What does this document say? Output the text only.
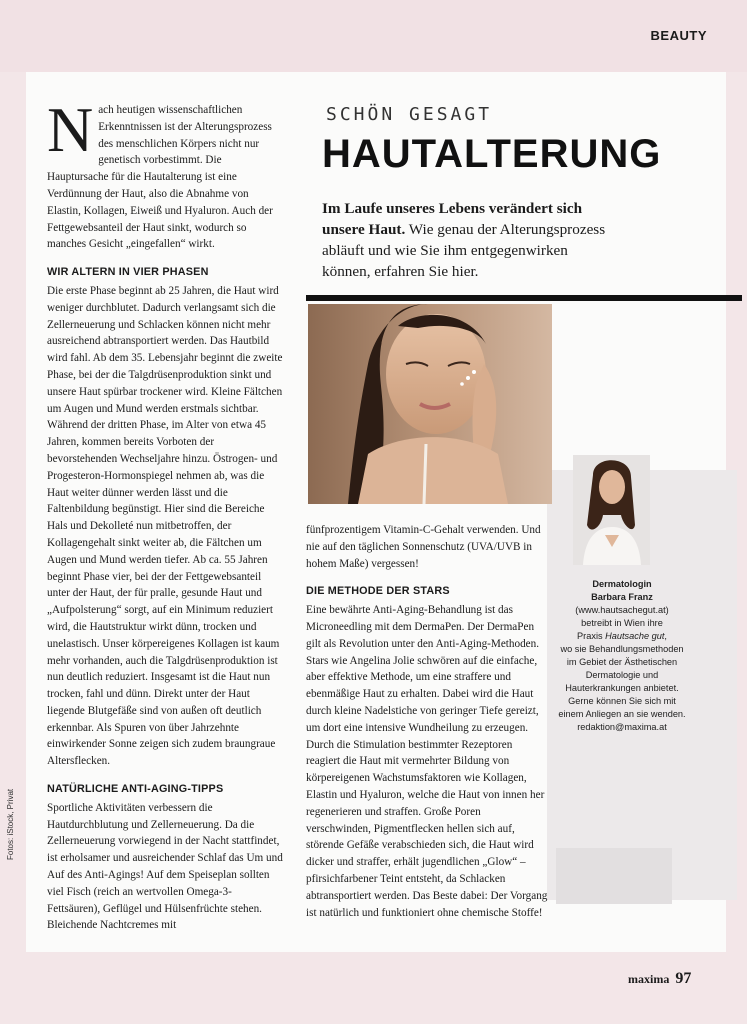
BEAUTY
Fotos: iStock, Privat
SCHÖN GESAGT
HAUTALTERUNG
Im Laufe unseres Lebens verändert sich unsere Haut. Wie genau der Alterungsprozess abläuft und wie Sie ihm entgegenwirken können, erfahren Sie hier.

Nach heutigen wissenschaftlichen Erkenntnissen ist der Alterungsprozess des menschlichen Körpers nicht nur genetisch vorbestimmt. Die Hauptursache für die Hautalterung ist eine Verdünnung der Haut, also die Abnahme von Elastin, Kollagen, Eiweiß und Hyaluron. Auch der Fettgewebsanteil der Haut sinkt, wodurch so manches Gesicht „eingefallen“ wirkt.

WIR ALTERN IN VIER PHASEN

Die erste Phase beginnt ab 25 Jahren, die Haut wird weniger durchblutet. Dadurch verlangsamt sich die Zellerneuerung und Schlacken können nicht mehr ausreichend abtransportiert werden. Das Hautbild wird fahl. Ab dem 35. Lebensjahr beginnt die zweite Phase, bei der die Talgdrüsenproduktion sinkt und unsere Haut spürbar trockener wird. Kleine Fältchen um Augen und Mund werden erstmals sichtbar. Während der dritten Phase, im Alter von etwa 45 Jahren, kommen bereits Vorboten der bevorstehenden Wechseljahre hinzu. Östrogen- und Progesteron-Hormonspiegel nehmen ab, was die Haut weiter dünner werden lässt und die Faltenbildung begünstigt. Hier sind die Bereiche Hals und Dekolleté nun mitbetroffen, der Kollagengehalt sinkt weiter ab, die Fältchen um Augen und Mund werden tiefer. Ab ca. 55 Jahren beginnt Phase vier, bei der der Fettgewebsanteil unter der Haut, der für pralle, gesunde Haut und „Aufpolsterung“ sorgt, auf ein Minimum reduziert wird, die Hautstruktur wirkt dünn, trocken und unelastisch. Unser körpereigenes Kollagen ist kaum mehr vorhanden, auch die Talgdrüsenproduktion ist nun deutlich reduziert. Insgesamt ist die Haut nun trocken, fahl und dünn. Direkt unter der Haut liegende Blutgefäße sind von außen oft deutlich erkennbar. Als Spuren von über Jahrzehnte einwirkender Sonne zeigen sich zudem braungraue Altersflecken.

NATÜRLICHE ANTI-AGING-TIPPS

Sportliche Aktivitäten verbessern die Hautdurchblutung und Zellerneuerung. Da die Zellerneuerung vorwiegend in der Nacht stattfindet, ist erholsamer und ausreichender Schlaf das Um und Auf des Anti-Agings! Auf dem Speiseplan sollten viel Fisch (reich an wertvollen Omega-3-Fettsäuren), Geflügel und Hülsenfrüchte stehen. Bleichende Nachtcremes mit

fünfprozentigem Vitamin-C-Gehalt verwenden. Und nie auf den täglichen Sonnenschutz (UVA/UVB in hohem Maße) vergessen!

DIE METHODE DER STARS

Eine bewährte Anti-Aging-Behandlung ist das Microneedling mit dem DermaPen. Der DermaPen gilt als Revolution unter den Anti-Aging-Methoden. Stars wie Angelina Jolie schwören auf die einfache, aber effektive Methode, um eine straffere und ebenmäßige Haut zu erhalten. Dabei wird die Haut durch kleine Nadelstiche von geringer Tiefe gereizt, um dort eine intensive Wundheilung zu erzeugen. Durch die Stimulation bestimmter Rezeptoren reagiert die Haut mit vermehrter Bildung von körpereigenen Wachstumsfaktoren wie Kollagen, Elastin und Hyaluron, welche die Haut von innen her regenerieren und straffen. Große Poren verschwinden, Pigmentflecken hellen sich auf, störende Gefäße verabschieden sich, die Haut wird dicker und straffer, erhält jugendlichen „Glow“ – pfirsichfarbener Teint entsteht, da Schlacken abtransportiert werden. Das Beste dabei: Der Vorgang ist natürlich und funktioniert ohne chemische Stoffe!

Dermatologin
Barbara Franz
(www.hautsachegut.at)
betreibt in Wien ihre
Praxis Hautsache gut,
wo sie Behandlungsmethoden im Gebiet der Ästhetischen Dermatologie und Hauterkrankungen anbietet.
Gerne können Sie sich mit einem Anliegen an sie wenden.
redaktion@maxima.at
maxima 97
